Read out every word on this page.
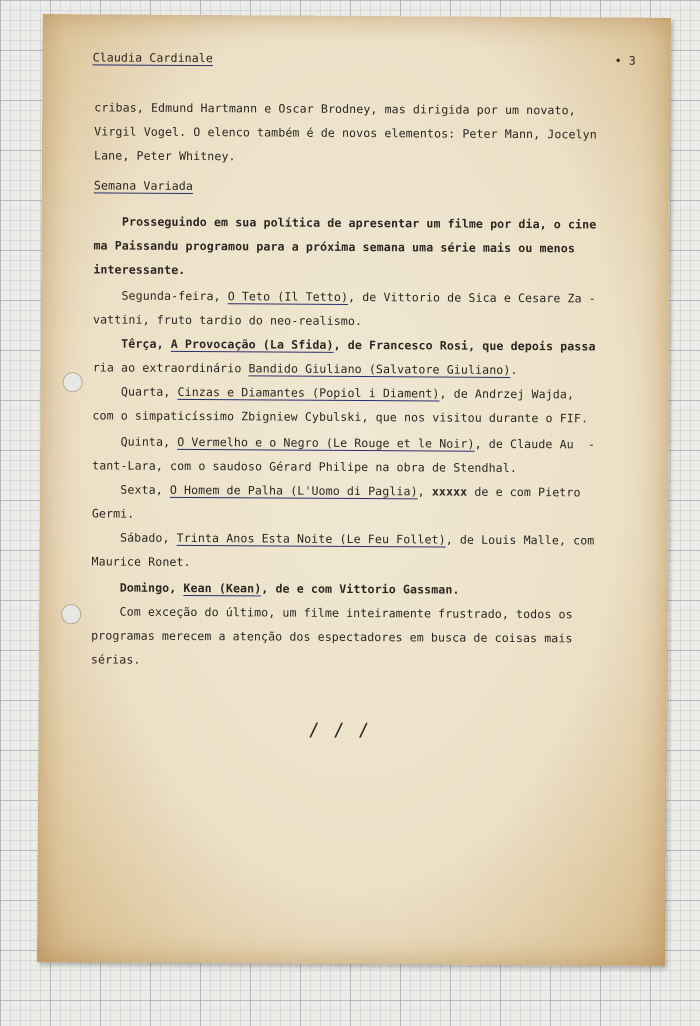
Claudia Cardinale	• 3
cribas, Edmund Hartmann e Oscar Brodney, mas dirigida por um novato,
Virgil Vogel. O elenco também é de novos elementos: Peter Mann, Jocelyn
Lane, Peter Whitney.
Semana Variada
Prosseguindo em sua política de apresentar um filme por dia, o cine
ma Paissandu programou para a próxima semana uma série mais ou menos
interessante.
Segunda-feira, O Teto (Il Tetto), de Vittorio de Sica e Cesare Za -
vattini, fruto tardio do neo-realismo.
Têrça, A Provocação (La Sfida), de Francesco Rosi, que depois passa
ria ao extraordinário Bandido Giuliano (Salvatore Giuliano).
Quarta, Cinzas e Diamantes (Popiol i Diament), de Andrzej Wajda,
com o simpaticíssimo Zbigniew Cybulski, que nos visitou durante o FIF.
Quinta, O Vermelho e o Negro (Le Rouge et le Noir), de Claude Au  -
tant-Lara, com o saudoso Gérard Philipe na obra de Stendhal.
Sexta, O Homem de Palha (L'Uomo di Paglia), xxxxx de e com Pietro
Germi.
Sábado, Trinta Anos Esta Noite (Le Feu Follet), de Louis Malle, com
Maurice Ronet.
Domingo, Kean (Kean), de e com Vittorio Gassman.
Com exceção do último, um filme inteiramente frustrado, todos os
programas merecem a atenção dos espectadores em busca de coisas mais
sérias.
///
